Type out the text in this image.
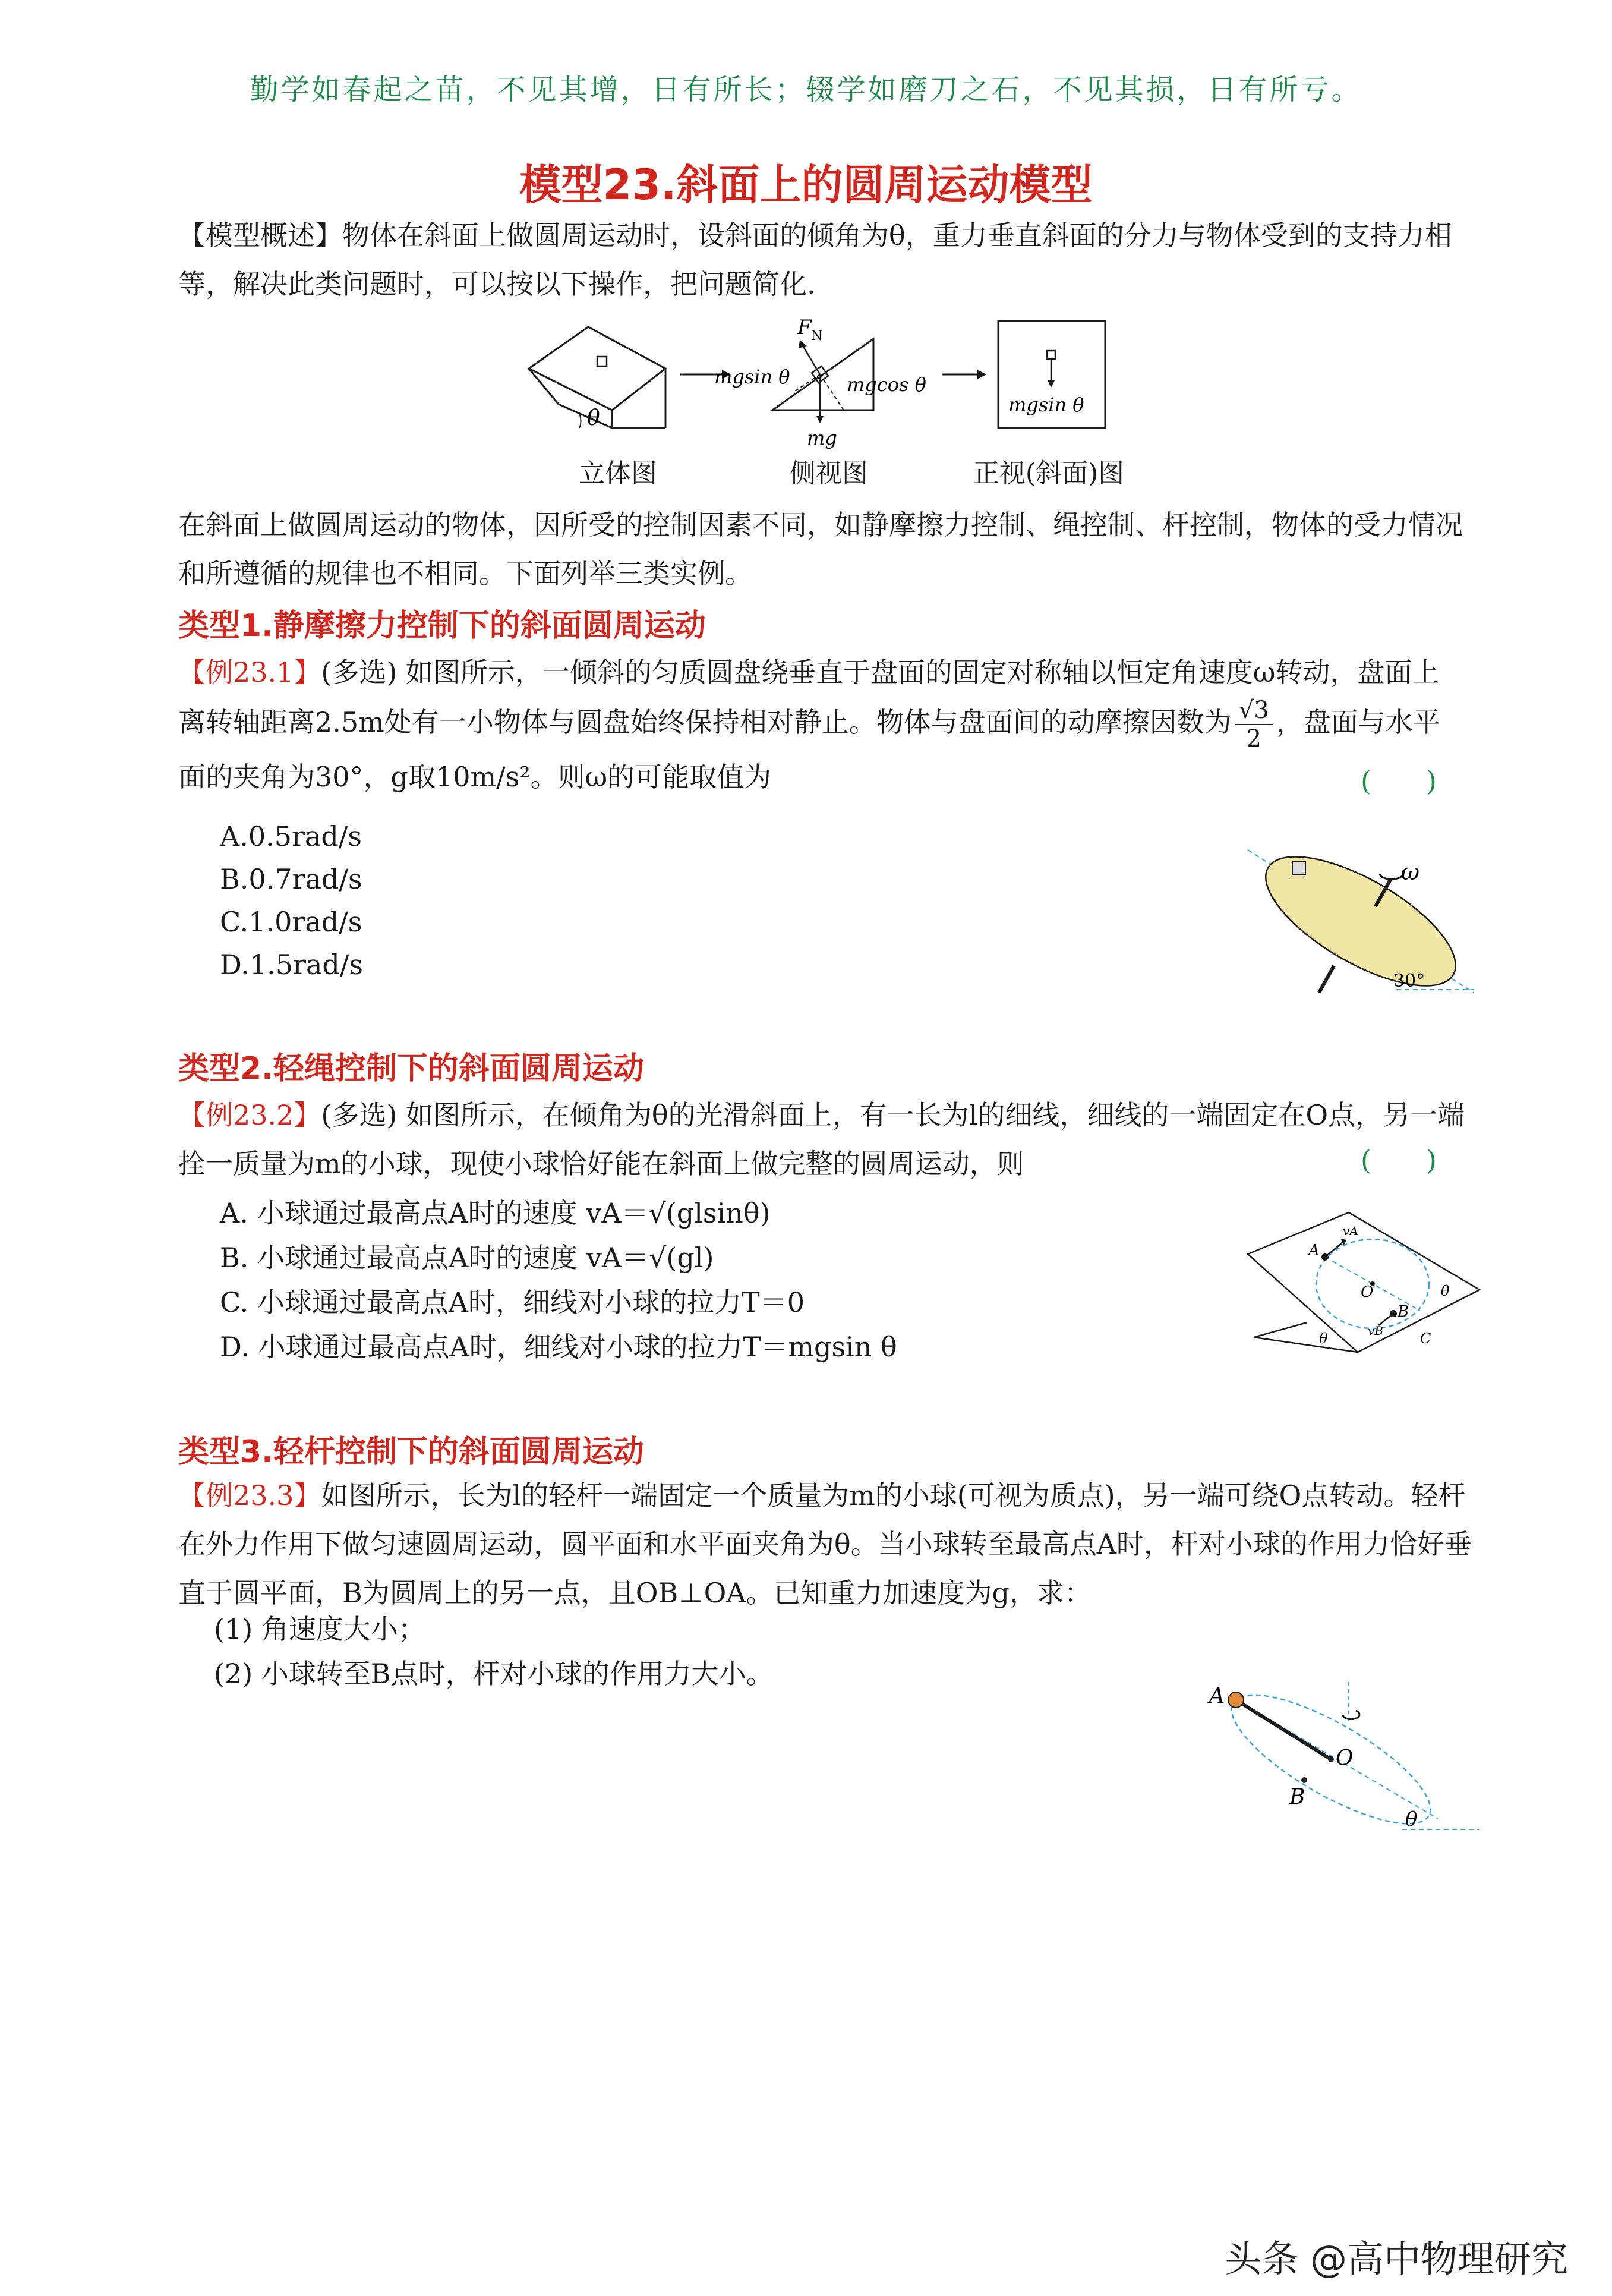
勤学如春起之苗，不见其增，日有所长；辍学如磨刀之石，不见其损，日有所亏。
模型23.斜面上的圆周运动模型
【模型概述】物体在斜面上做圆周运动时，设斜面的倾角为θ，重力垂直斜面的分力与物体受到的支持力相等，解决此类问题时，可以按以下操作，把问题简化.
θ
F N
mgsin θ	mgcos θ
mg
mgsin θ
立体图	侧视图	正视(斜面)图
在斜面上做圆周运动的物体，因所受的控制因素不同，如静摩擦力控制、绳控制、杆控制，物体的受力情况和所遵循的规律也不相同。下面列举三类实例。
类型1.静摩擦力控制下的斜面圆周运动
【例23.1】(多选) 如图所示，一倾斜的匀质圆盘绕垂直于盘面的固定对称轴以恒定角速度ω转动，盘面上离转轴距离2.5m处有一小物体与圆盘始终保持相对静止。物体与盘面间的动摩擦因数为 $\frac{√3}{2}$ ，盘面与水平面的夹角为30°，g取10m/s²。则ω的可能取值为	( )
A.0.5rad/s
B.0.7rad/s
C.1.0rad/s
D.1.5rad/s
ω
30°
类型2.轻绳控制下的斜面圆周运动
【例23.2】(多选) 如图所示，在倾角为θ的光滑斜面上，有一长为l的细线，细线的一端固定在O点，另一端拴一质量为m的小球，现使小球恰好能在斜面上做完整的圆周运动，则	( )
A. 小球通过最高点A时的速度 vA＝√(glsinθ)
B. 小球通过最高点A时的速度 vA＝√(gl)
C. 小球通过最高点A时，细线对小球的拉力T＝0
D. 小球通过最高点A时，细线对小球的拉力T＝mgsin θ
A
vA
O
B
vB	C
θ
θ
类型3.轻杆控制下的斜面圆周运动
【例23.3】如图所示，长为l的轻杆一端固定一个质量为m的小球(可视为质点)，另一端可绕O点转动。轻杆在外力作用下做匀速圆周运动，圆平面和水平面夹角为θ。当小球转至最高点A时，杆对小球的作用力恰好垂直于圆平面，B为圆周上的另一点，且OB⊥OA。已知重力加速度为g，求：
(1) 角速度大小；
(2) 小球转至B点时，杆对小球的作用力大小。
A
O
B
θ
头条 @高中物理研究
